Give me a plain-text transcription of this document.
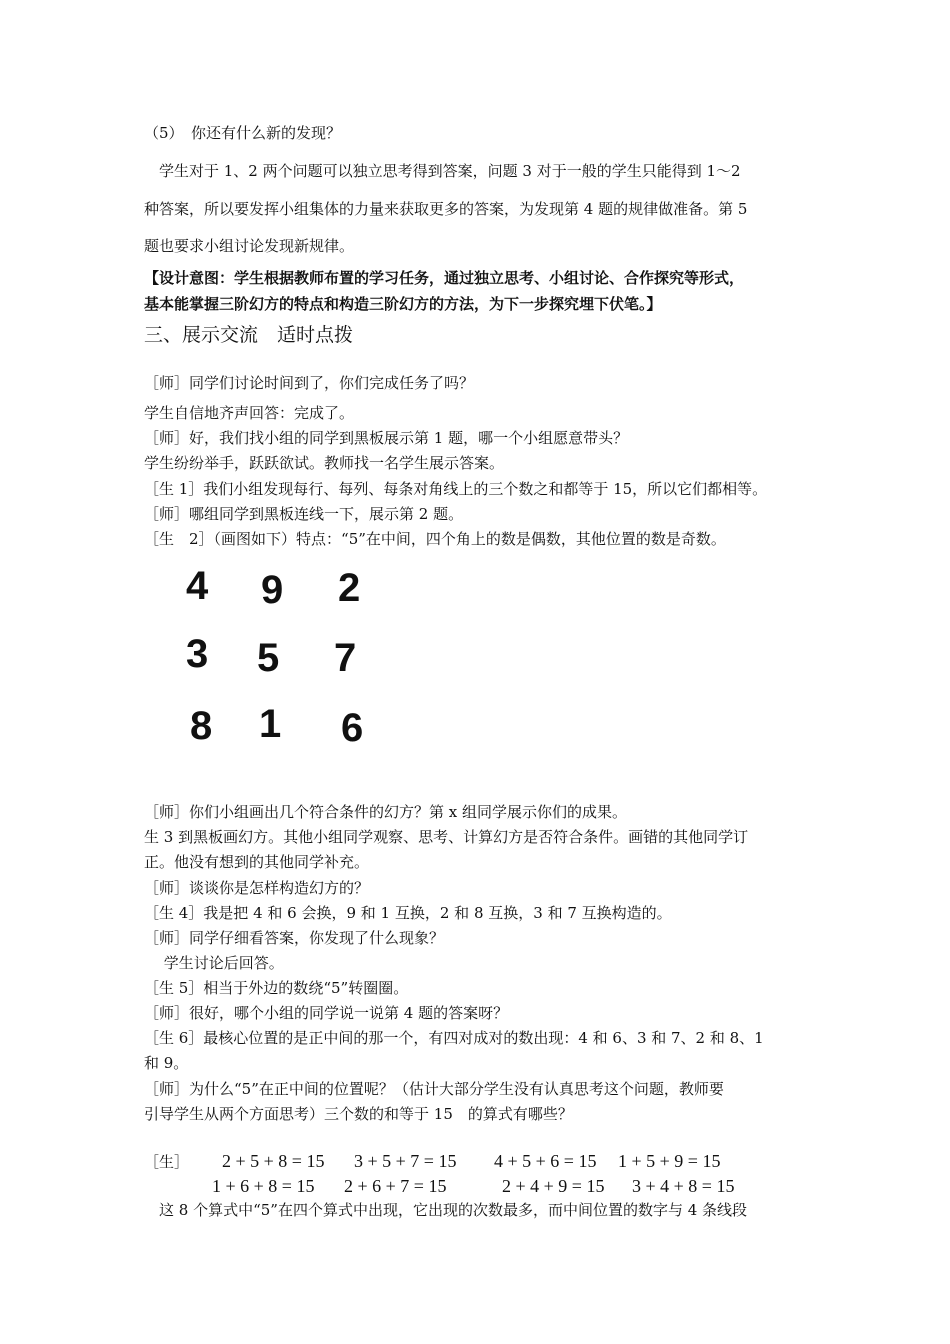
（5）　你还有什么新的发现？
　学生对于 1、2 两个问题可以独立思考得到答案，问题 3 对于一般的学生只能得到 1～2
种答案，所以要发挥小组集体的力量来获取更多的答案，为发现第 4 题的规律做准备。第 5
题也要求小组讨论发现新规律。
【设计意图：学生根据教师布置的学习任务，通过独立思考、小组讨论、合作探究等形式，
基本能掌握三阶幻方的特点和构造三阶幻方的方法，为下一步探究埋下伏笔。】
三、展示交流　适时点拨
［师］同学们讨论时间到了，你们完成任务了吗？
学生自信地齐声回答：完成了。
［师］好，我们找小组的同学到黑板展示第 1 题，哪一个小组愿意带头？
学生纷纷举手，跃跃欲试。教师找一名学生展示答案。
［生 1］我们小组发现每行、每列、每条对角线上的三个数之和都等于 15，所以它们都相等。
［师］哪组同学到黑板连线一下，展示第 2 题。
［生　2］（画图如下）特点：“5”在中间，四个角上的数是偶数，其他位置的数是奇数。
4 9 2
3 5 7
8 1 6
［师］你们小组画出几个符合条件的幻方？第 x 组同学展示你们的成果。
生 3 到黑板画幻方。其他小组同学观察、思考、计算幻方是否符合条件。画错的其他同学订
正。他没有想到的其他同学补充。
［师］谈谈你是怎样构造幻方的？
［生 4］我是把 4 和 6 会换，9 和 1 互换，2 和 8 互换，3 和 7 互换构造的。
［师］同学仔细看答案，你发现了什么现象？
　 学生讨论后回答。
［生 5］相当于外边的数绕“5”转圈圈。
［师］很好，哪个小组的同学说一说第 4 题的答案呀？
［生 6］最核心位置的是正中间的那一个，有四对成对的数出现：4 和 6、3 和 7、2 和 8、1
和 9。
［师］为什么“5”在正中间的位置呢？（估计大部分学生没有认真思考这个问题，教师要
引导学生从两个方面思考）三个数的和等于 15　的算式有哪些？
［生］ 2 + 5 + 8 = 15 3 + 5 + 7 = 15 4 + 5 + 6 = 15 1 + 5 + 9 = 15
1 + 6 + 8 = 15 2 + 6 + 7 = 15	2 + 4 + 9 = 15 3 + 4 + 8 = 15
　这 8 个算式中“5”在四个算式中出现，它出现的次数最多，而中间位置的数字与 4 条线段
